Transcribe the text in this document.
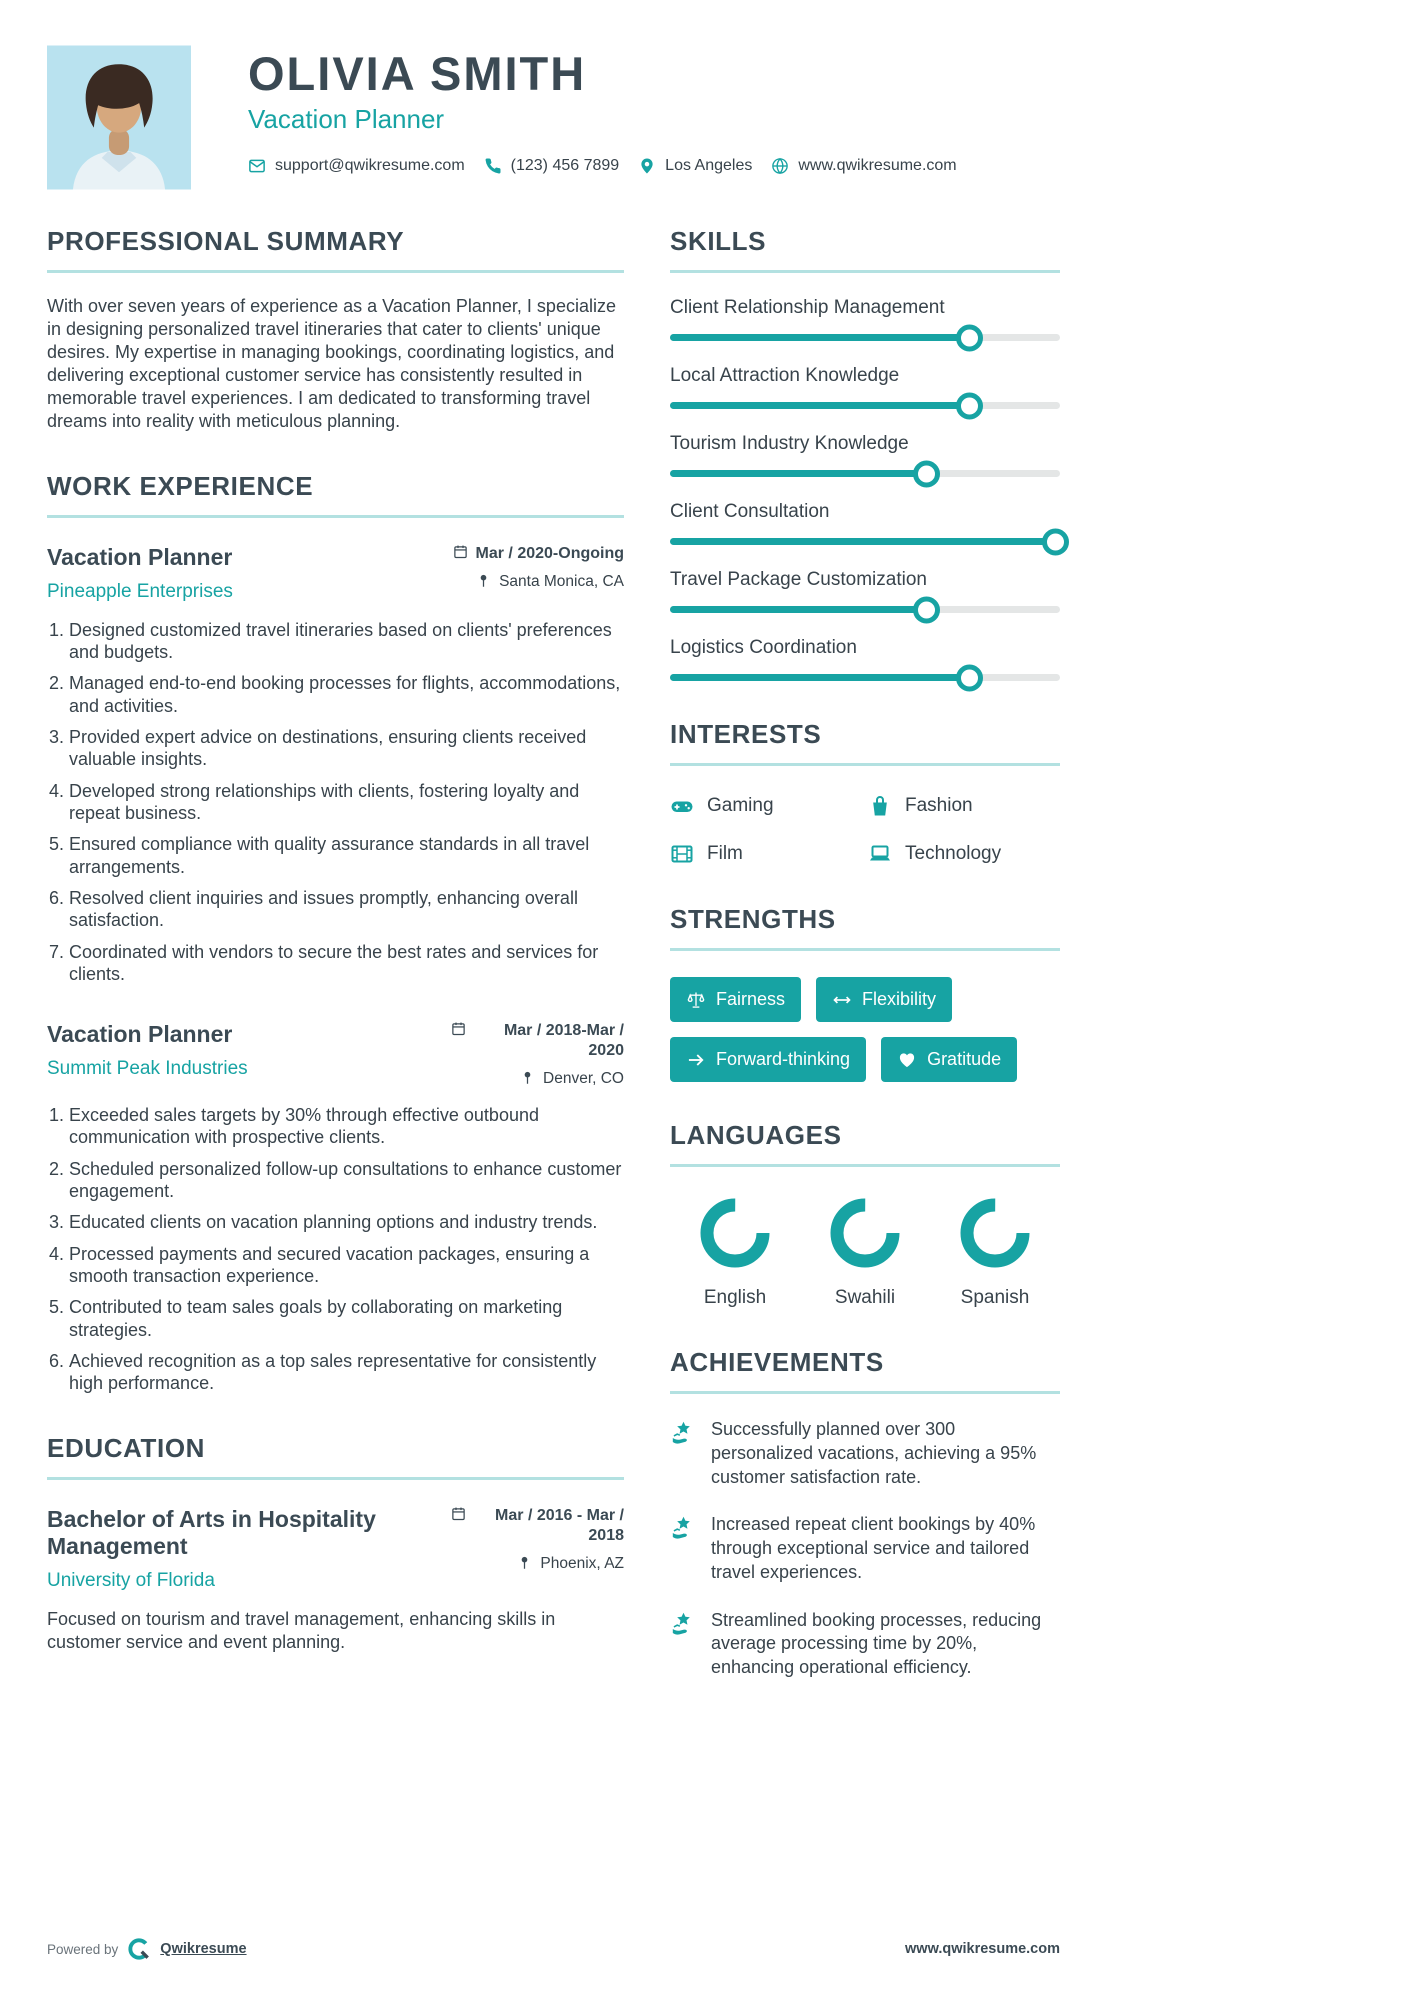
OLIVIA SMITH
Vacation Planner
support@qwikresume.com	(123) 456 7899	Los Angeles	www.qwikresume.com
PROFESSIONAL SUMMARY

With over seven years of experience as a Vacation Planner, I specialize in designing personalized travel itineraries that cater to clients' unique desires. My expertise in managing bookings, coordinating logistics, and delivering exceptional customer service has consistently resulted in memorable travel experiences. I am dedicated to transforming travel dreams into reality with meticulous planning.

WORK EXPERIENCE
Vacation Planner
Pineapple Enterprises
Mar / 2020-Ongoing
Santa Monica, CA
1. Designed customized travel itineraries based on clients' preferences and budgets.
2. Managed end-to-end booking processes for flights, accommodations, and activities.
3. Provided expert advice on destinations, ensuring clients received valuable insights.
4. Developed strong relationships with clients, fostering loyalty and repeat business.
5. Ensured compliance with quality assurance standards in all travel arrangements.
6. Resolved client inquiries and issues promptly, enhancing overall satisfaction.
7. Coordinated with vendors to secure the best rates and services for clients.
Vacation Planner
Summit Peak Industries
Mar / 2018-Mar / 2020
Denver, CO
1. Exceeded sales targets by 30% through effective outbound communication with prospective clients.
2. Scheduled personalized follow-up consultations to enhance customer engagement.
3. Educated clients on vacation planning options and industry trends.
4. Processed payments and secured vacation packages, ensuring a smooth transaction experience.
5. Contributed to team sales goals by collaborating on marketing strategies.
6. Achieved recognition as a top sales representative for consistently high performance.
EDUCATION
Bachelor of Arts in Hospitality Management
University of Florida
Mar / 2016 - Mar / 2018
Phoenix, AZ

Focused on tourism and travel management, enhancing skills in customer service and event planning.

SKILLS
Client Relationship Management
Local Attraction Knowledge
Tourism Industry Knowledge
Client Consultation
Travel Package Customization
Logistics Coordination
INTERESTS
Gaming	Fashion
Film	Technology
STRENGTHS
Fairness	Flexibility
Forward-thinking	Gratitude
LANGUAGES
English	Swahili	Spanish
ACHIEVEMENTS

Successfully planned over 300 personalized vacations, achieving a 95% customer satisfaction rate.

Increased repeat client bookings by 40% through exceptional service and tailored travel experiences.

Streamlined booking processes, reducing average processing time by 20%, enhancing operational efficiency.

Powered by	Qwikresume	www.qwikresume.com
